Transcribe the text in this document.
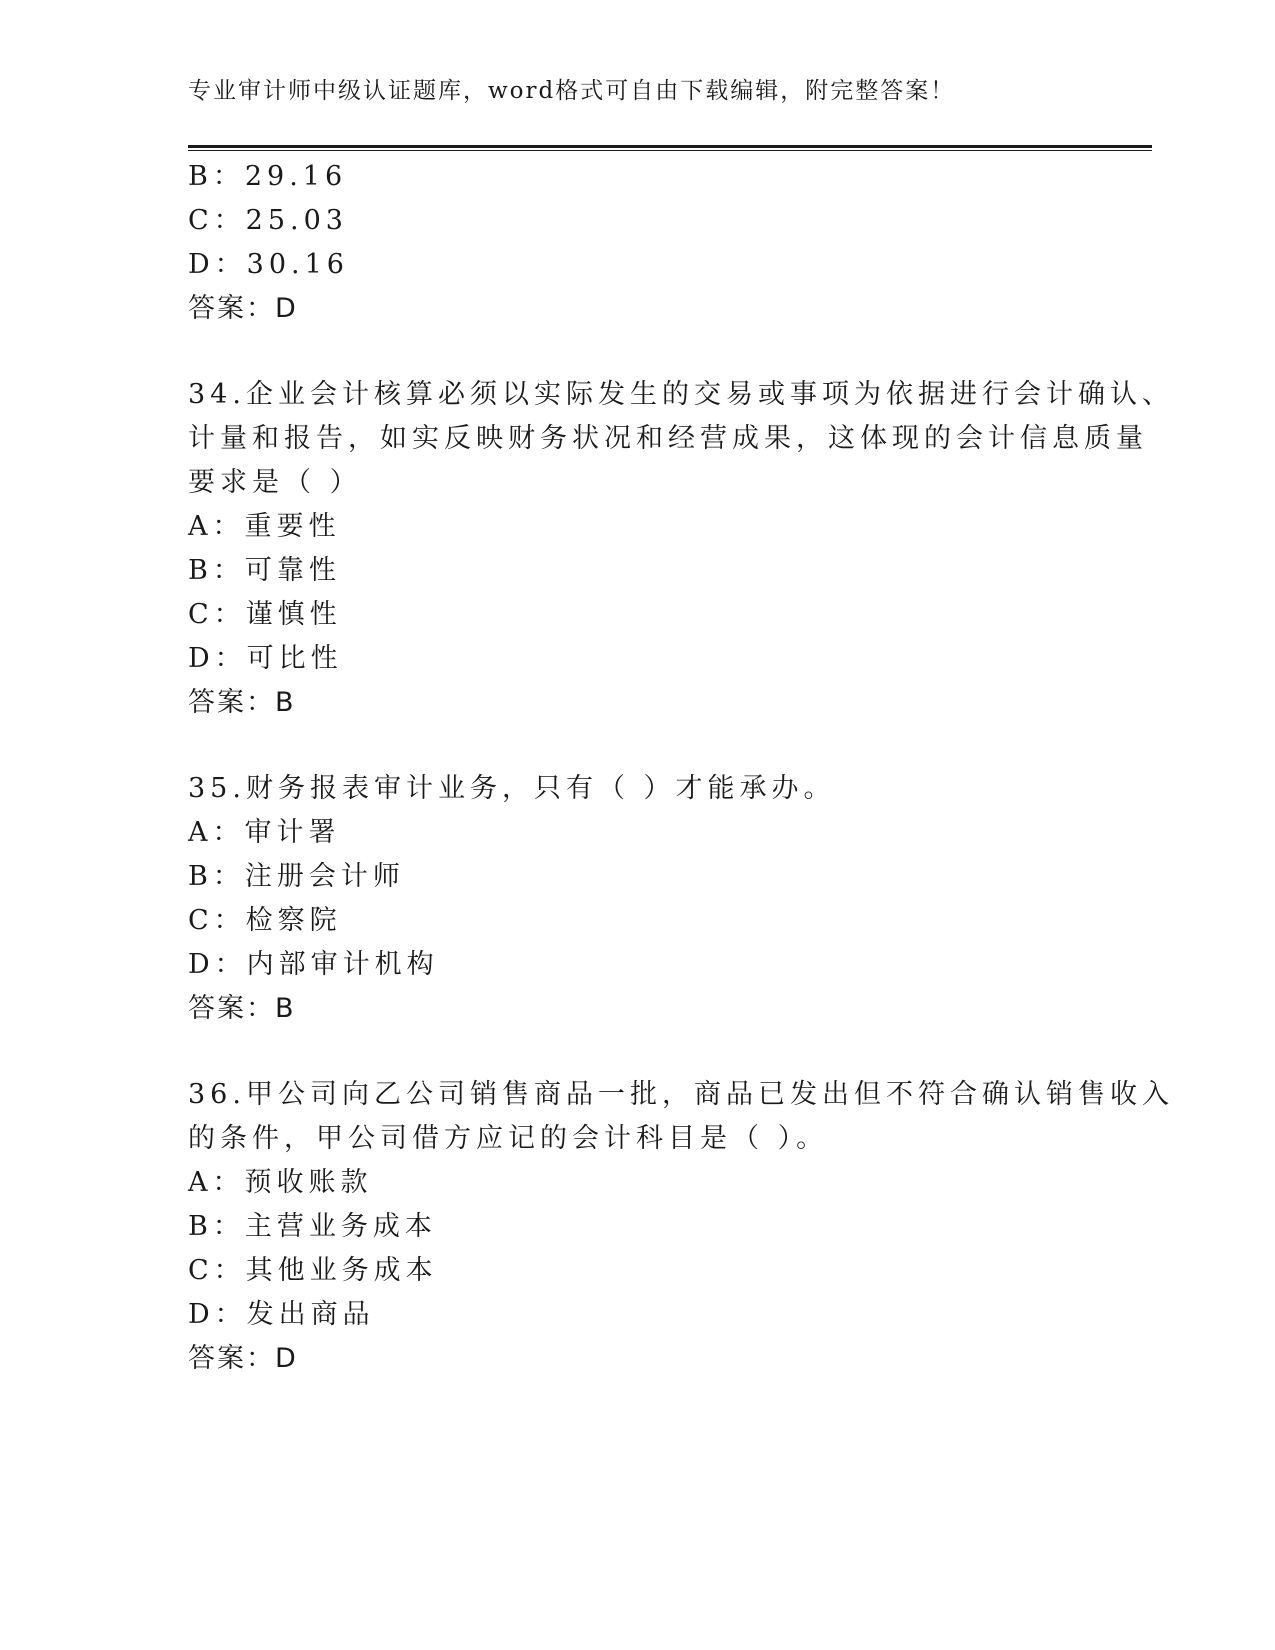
专业审计师中级认证题库，word格式可自由下载编辑，附完整答案！
B：29.16
C：25.03
D：30.16
答案：D
34.企业会计核算必须以实际发生的交易或事项为依据进行会计确认、
计量和报告，如实反映财务状况和经营成果，这体现的会计信息质量
要求是（ ）
A：重要性
B：可靠性
C：谨慎性
D：可比性
答案：B
35.财务报表审计业务，只有（ ）才能承办。
A：审计署
B：注册会计师
C：检察院
D：内部审计机构
答案：B
36.甲公司向乙公司销售商品一批，商品已发出但不符合确认销售收入
的条件，甲公司借方应记的会计科目是（ ）。
A：预收账款
B：主营业务成本
C：其他业务成本
D：发出商品
答案：D
